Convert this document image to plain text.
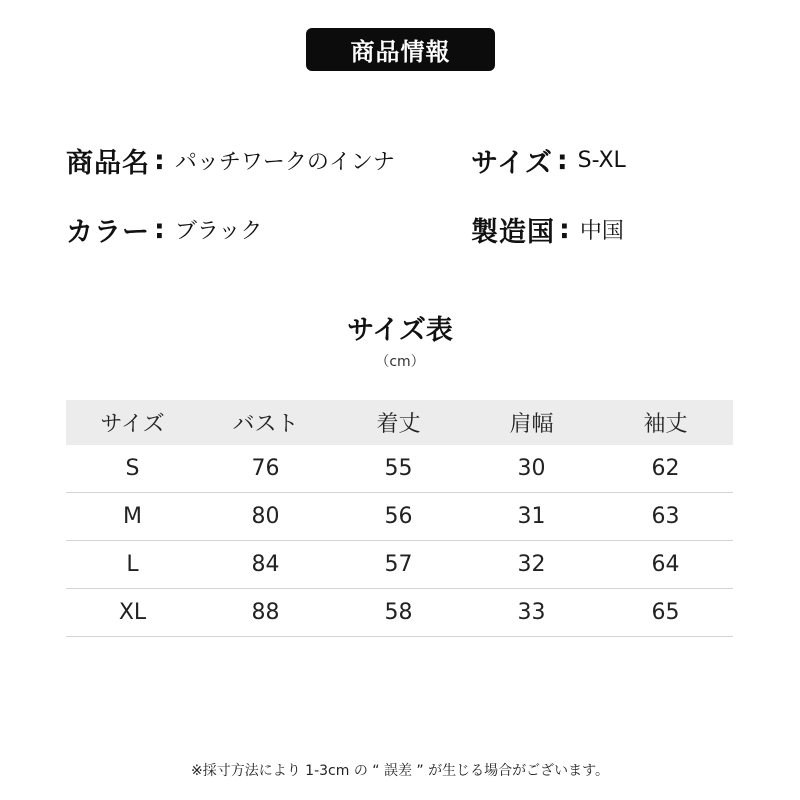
商品情報
商品名 : パッチワークのインナ	サイズ : S-XL
カラー : ブラック	製造国 : 中国
サイズ表
（cm）
サイズ	バスト	着丈	肩幅	袖丈
S	76	55	30	62
M	80	56	31	63
L	84	57	32	64
XL	88	58	33	65
※採寸方法により 1-3cm の “ 誤差 ” が生じる場合がございます。
